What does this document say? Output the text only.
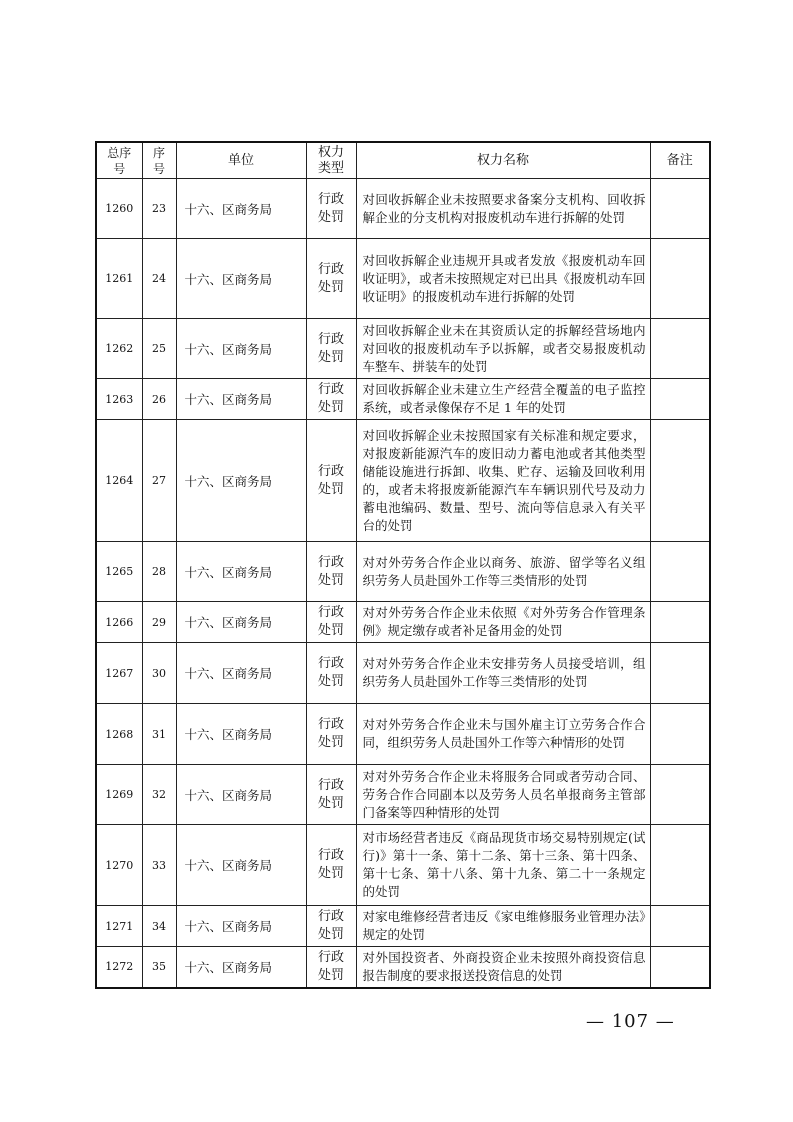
总序号	序号	单位	权力类型	权力名称	备注
1260	23	十六、区商务局	行政处罚	对回收拆解企业未按照要求备案分支机构、回收拆解企业的分支机构对报废机动车进行拆解的处罚	
1261	24	十六、区商务局	行政处罚	对回收拆解企业违规开具或者发放《报废机动车回收证明》，或者未按照规定对已出具《报废机动车回收证明》的报废机动车进行拆解的处罚	
1262	25	十六、区商务局	行政处罚	对回收拆解企业未在其资质认定的拆解经营场地内对回收的报废机动车予以拆解，或者交易报废机动车整车、拼装车的处罚	
1263	26	十六、区商务局	行政处罚	对回收拆解企业未建立生产经营全覆盖的电子监控系统，或者录像保存不足 1 年的处罚	
1264	27	十六、区商务局	行政处罚	对回收拆解企业未按照国家有关标准和规定要求，对报废新能源汽车的废旧动力蓄电池或者其他类型储能设施进行拆卸、收集、贮存、运输及回收利用的，或者未将报废新能源汽车车辆识别代号及动力蓄电池编码、数量、型号、流向等信息录入有关平台的处罚	
1265	28	十六、区商务局	行政处罚	对对外劳务合作企业以商务、旅游、留学等名义组织劳务人员赴国外工作等三类情形的处罚	
1266	29	十六、区商务局	行政处罚	对对外劳务合作企业未依照《对外劳务合作管理条例》规定缴存或者补足备用金的处罚	
1267	30	十六、区商务局	行政处罚	对对外劳务合作企业未安排劳务人员接受培训，组织劳务人员赴国外工作等三类情形的处罚	
1268	31	十六、区商务局	行政处罚	对对外劳务合作企业未与国外雇主订立劳务合作合同，组织劳务人员赴国外工作等六种情形的处罚	
1269	32	十六、区商务局	行政处罚	对对外劳务合作企业未将服务合同或者劳动合同、劳务合作合同副本以及劳务人员名单报商务主管部门备案等四种情形的处罚	
1270	33	十六、区商务局	行政处罚	对市场经营者违反《商品现货市场交易特别规定(试行)》第十一条、第十二条、第十三条、第十四条、第十七条、第十八条、第十九条、第二十一条规定的处罚	
1271	34	十六、区商务局	行政处罚	对家电维修经营者违反《家电维修服务业管理办法》规定的处罚	
1272	35	十六、区商务局	行政处罚	对外国投资者、外商投资企业未按照外商投资信息报告制度的要求报送投资信息的处罚	
— 107 —
